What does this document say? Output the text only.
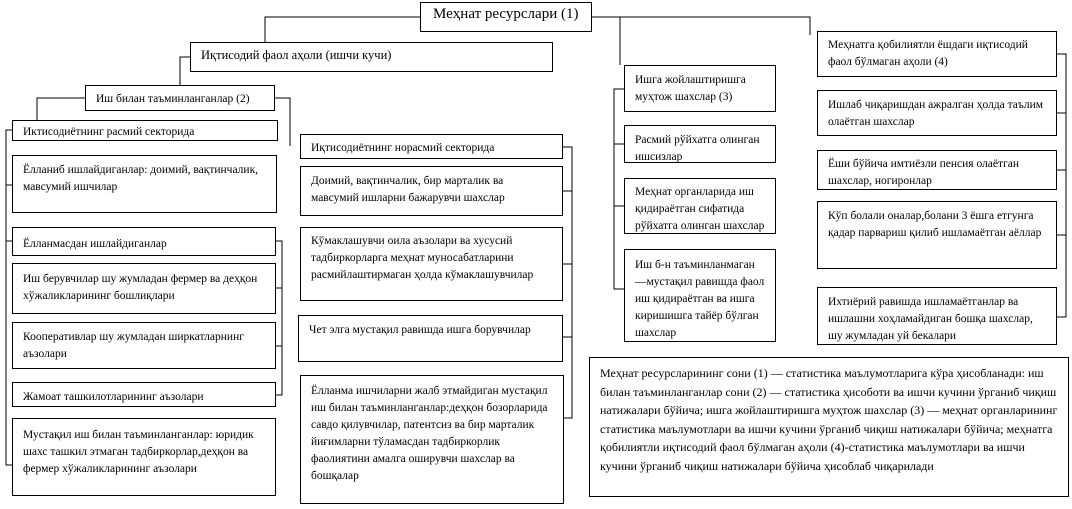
Меҳнат ресурслари (1)
Иқтисодий фаол аҳоли (ишчи кучи)
Иш билан таъминланганлар (2)
Иктисодиётнинг расмий секторида
Ёлланиб ишлайдиганлар: доимий, вақтинчалик, мавсумий ишчилар
Ёлланмасдан ишлайдиганлар
Иш берувчилар шу жумладан фермер ва деҳқон хўжаликларининг бошлиқлари
Кооперативлар шу жумладан ширкатларнинг аъзолари
Жамоат ташкилотларининг аъзолари
Мустақил иш билан таъминланганлар: юридик шахс ташкил этмаган тадбиркорлар,деҳқон ва фермер хўжаликларининг аъзолари
Иқтисодиётнинг норасмий секторида
Доимий, вақтинчалик, бир марталик ва мавсумий ишларни бажарувчи шахслар
Кўмаклашувчи оила аъзолари ва хусусий тадбиркорларга меҳнат муносабатларини расмийлаштирмаган ҳолда кўмаклашувчилар
Чет элга мустақил равишда ишга борувчилар
Ёлланма ишчиларни жалб этмайдиган мустақил иш билан таъминланганлар:деҳқон бозорларида савдо қилувчилар, патентсиз ва бир марталик йиғимларни тўламасдан тадбиркорлик фаолиятини амалга оширувчи шахслар ва бошқалар
Ишга жойлаштиришга муҳтож шахслар (3)
Расмий рўйхатга олинган ишсизлар
Меҳнат органларида иш қидираётган сифатида рўйхатга олинган шахслар
Иш б-н таъминланмаган—мустақил равишда фаол иш қидираётган ва ишга киришишга тайёр бўлган шахслар
Меҳнатга қобилиятли ёшдаги иқтисодий фаол бўлмаган аҳоли (4)
Ишлаб чиқаришдан ажралган ҳолда таълим олаётган шахслар
Ёши бўйича имтиёзли пенсия олаётган шахслар, ногиронлар
Кўп болали оналар,болани 3 ёшга етгунга қадар парвариш қилиб ишламаётган аёллар
Ихтиёрий равишда ишламаётганлар ва ишлашни хоҳламайдиган бошқа шахслар, шу жумладан уй бекалари
Меҳнат ресурсларининг сони (1) — статистика маълумотларига кўра ҳисобланади: иш билан таъминланганлар сони (2) — статистика ҳисоботи ва ишчи кучини ўрганиб чиқиш натижалари бўйича; ишга жойлаштиришга муҳтож шахслар (3) — меҳнат органларининг статистика маълумотлари ва ишчи кучини ўрганиб чиқиш натижалари бўйича; меҳнатга қобилиятли иқтисодий фаол бўлмаган аҳоли (4)-статистика маълумотлари ва ишчи кучини ўрганиб чиқиш натижалари бўйича ҳисоблаб чиқарилади
